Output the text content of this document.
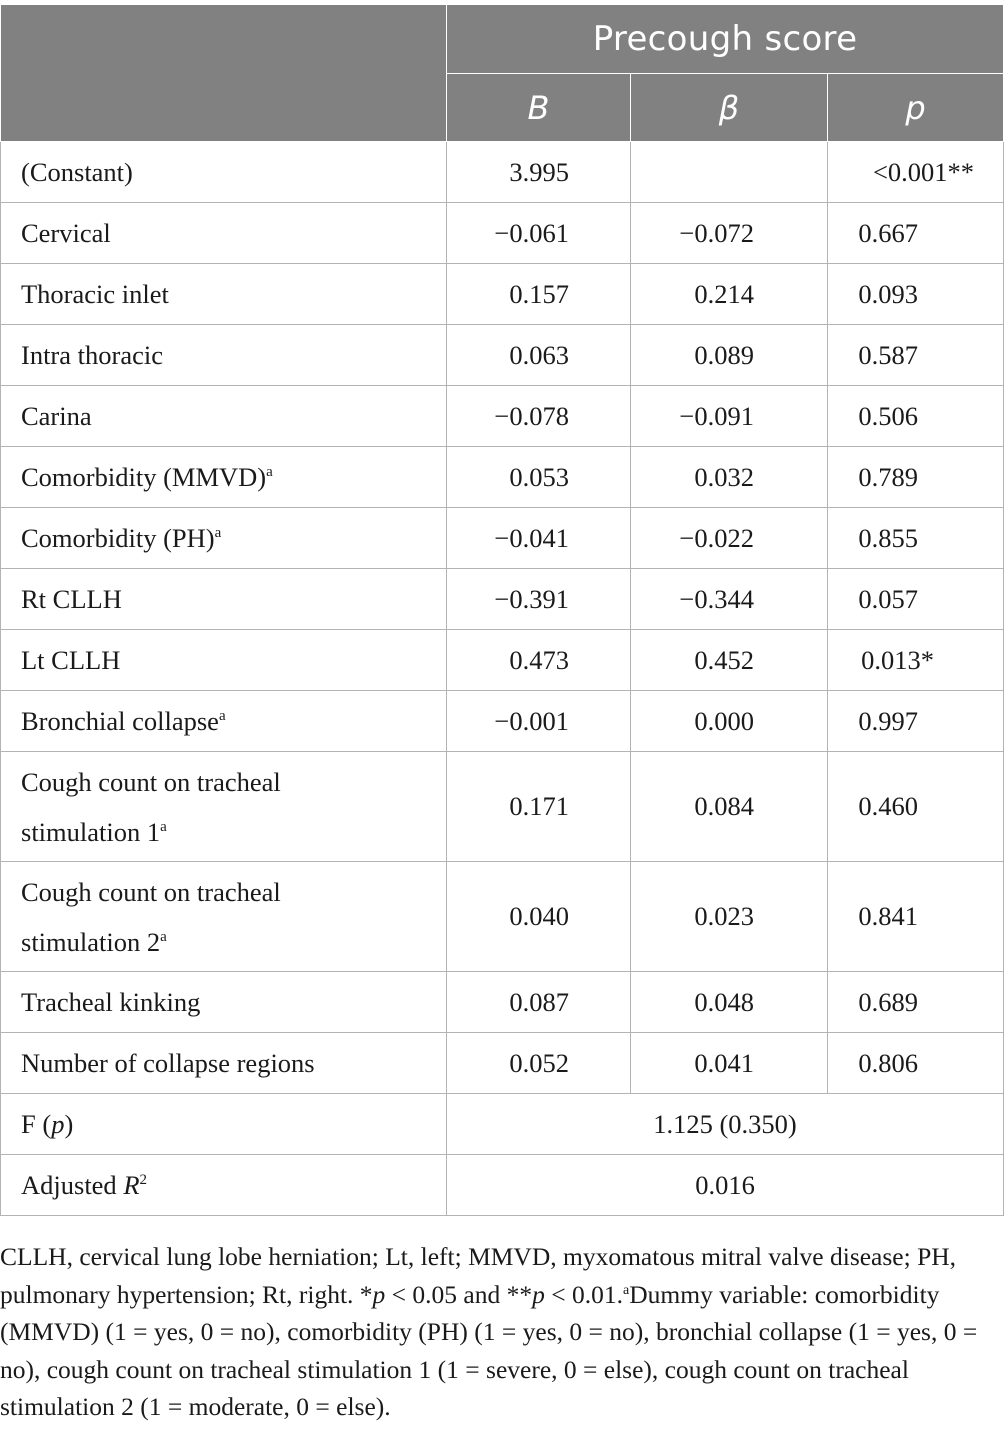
	Precough score		
	B	β	p
(Constant)	3.995		<0.001**
Cervical	−0.061	−0.072	0.667
Thoracic inlet	0.157	0.214	0.093
Intra thoracic	0.063	0.089	0.587
Carina	−0.078	−0.091	0.506
Comorbidity (MMVD)$^a$	0.053	0.032	0.789
Comorbidity (PH)$^a$	−0.041	−0.022	0.855
Rt CLLH	−0.391	−0.344	0.057
Lt CLLH	0.473	0.452	0.013*
Bronchial collapse$^a$	−0.001	0.000	0.997
Cough count on tracheal
stimulation 1$^a$	0.171	0.084	0.460
Cough count on tracheal
stimulation 2$^a$	0.040	0.023	0.841
Tracheal kinking	0.087	0.048	0.689
Number of collapse regions	0.052	0.041	0.806
F (p)	1.125 (0.350)		
Adjusted $R^2$	0.016		
CLLH, cervical lung lobe herniation; Lt, left; MMVD, myxomatous mitral valve disease; PH, pulmonary hypertension; Rt, right. *p < 0.05 and **p < 0.01.$^a$Dummy variable: comorbidity (MMVD) (1 = yes, 0 = no), comorbidity (PH) (1 = yes, 0 = no), bronchial collapse (1 = yes, 0 = no), cough count on tracheal stimulation 1 (1 = severe, 0 = else), cough count on tracheal stimulation 2 (1 = moderate, 0 = else).
